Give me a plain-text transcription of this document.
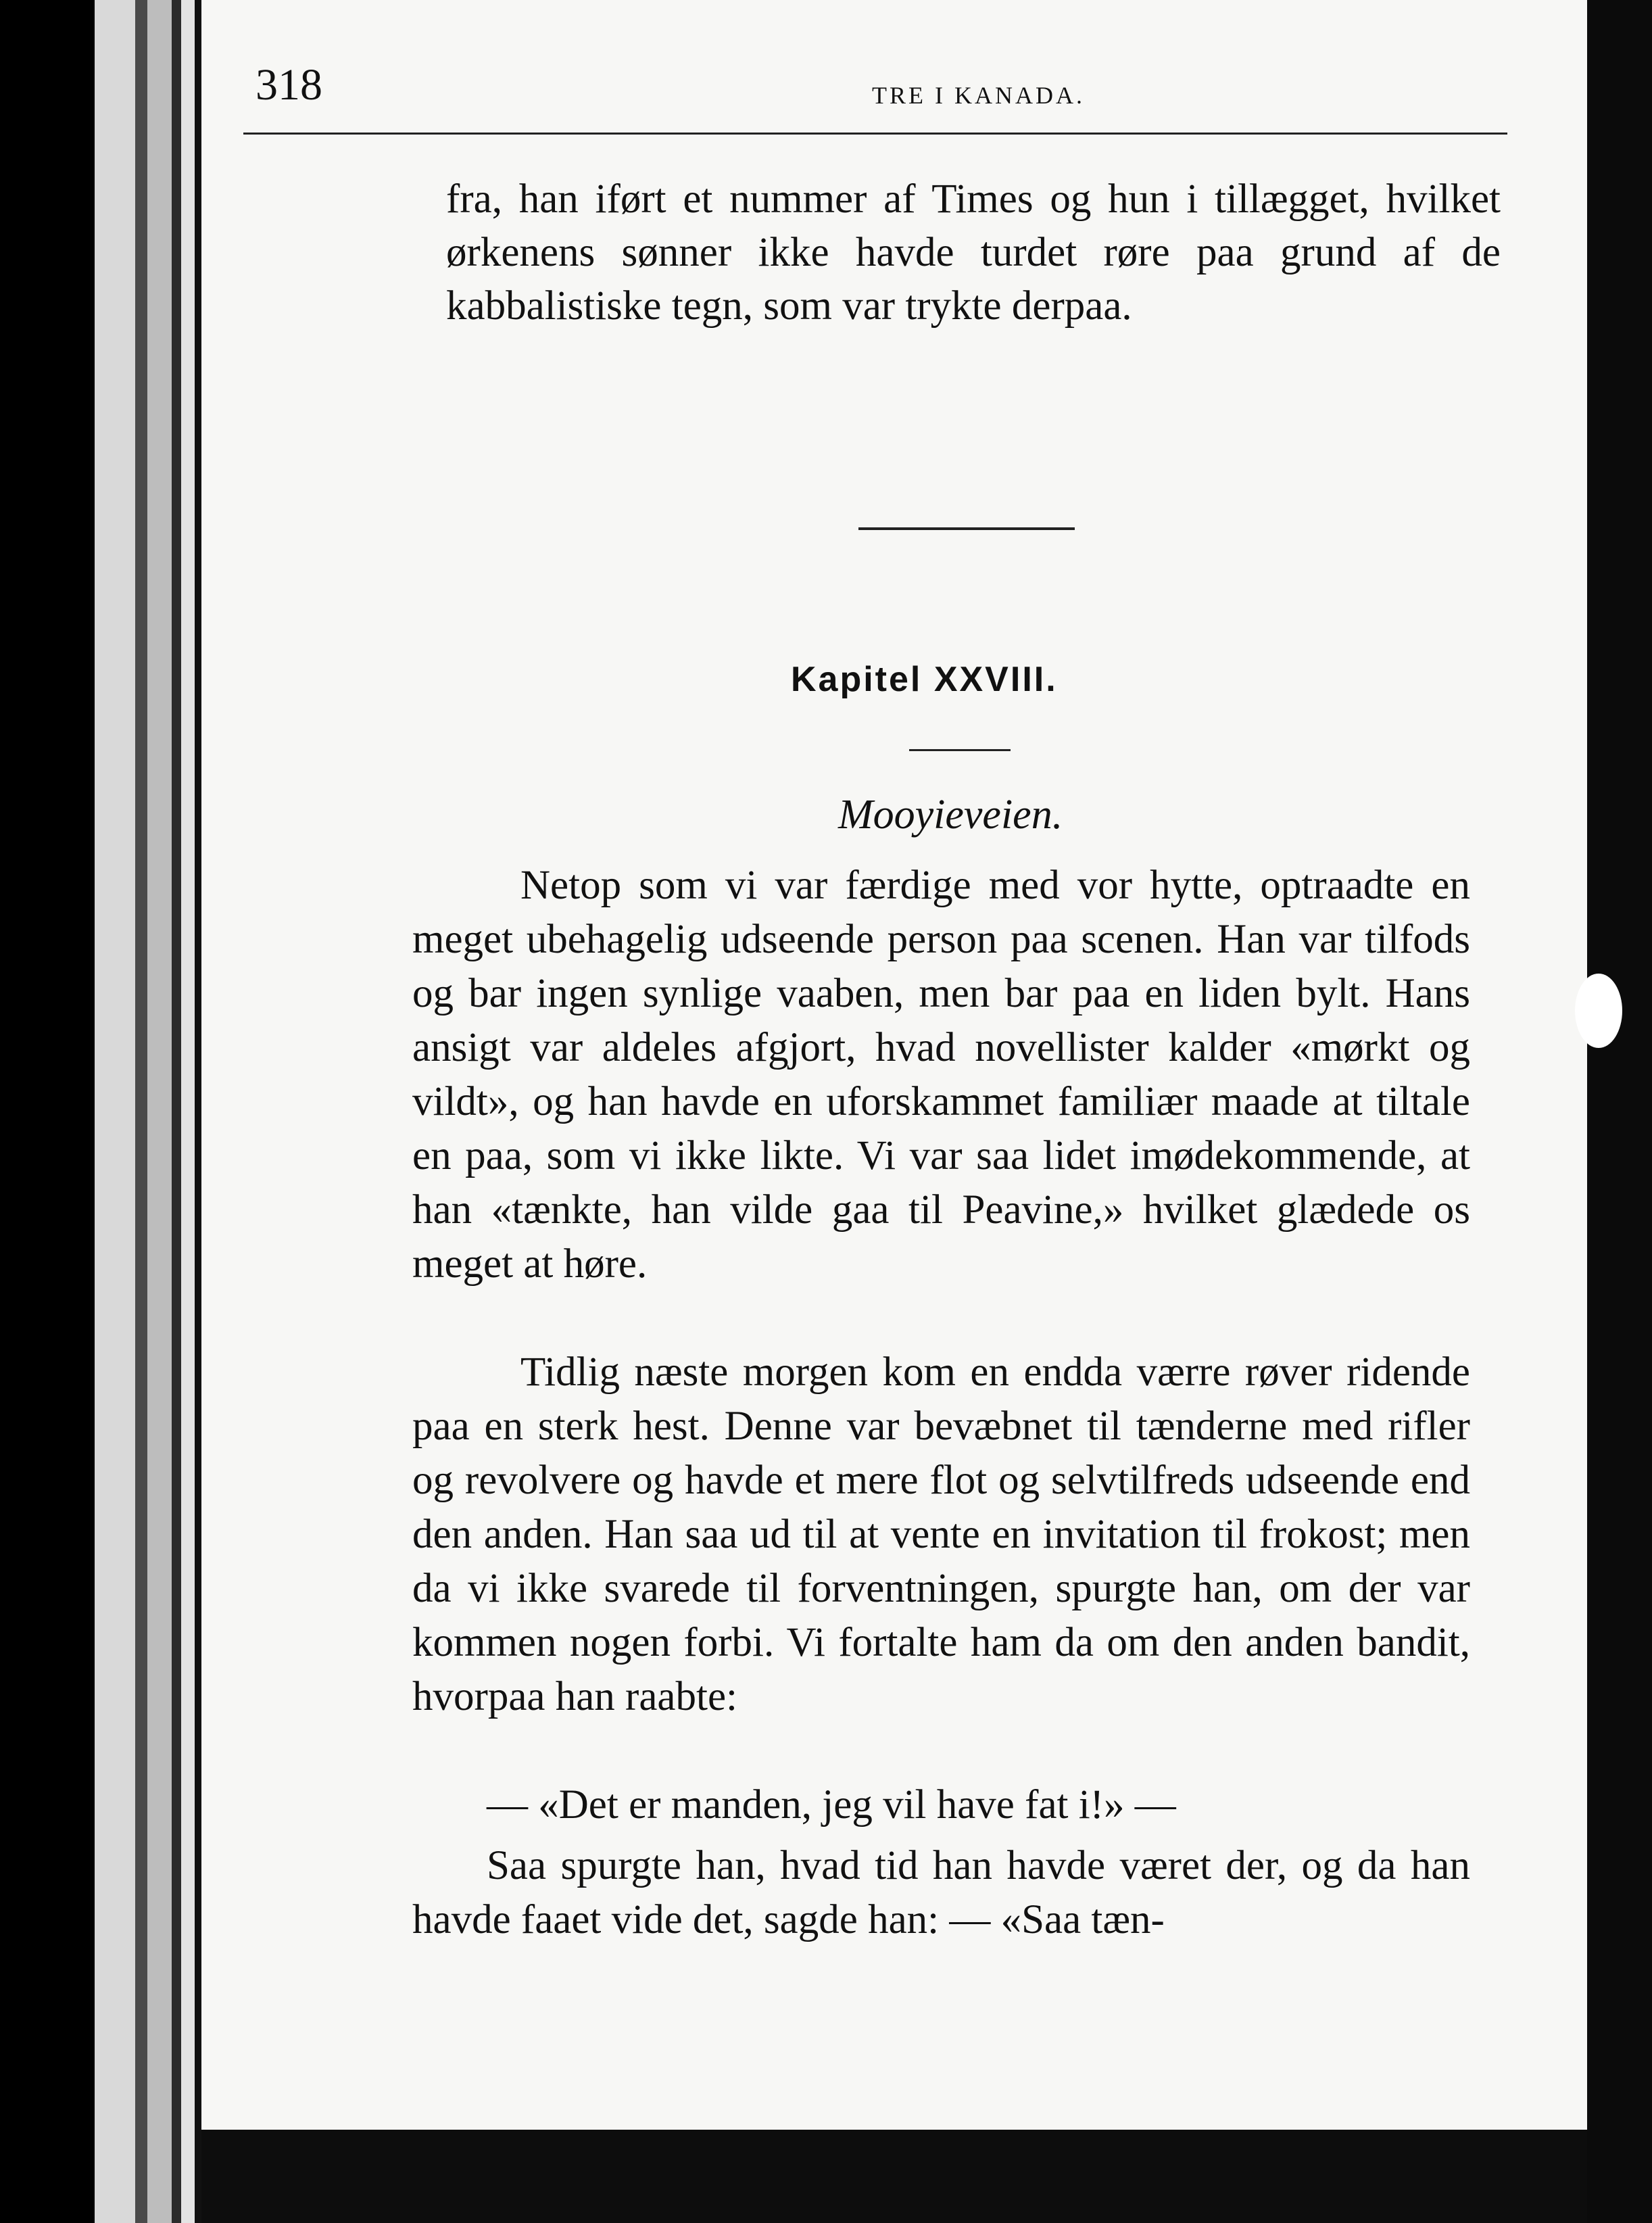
318	TRE I KANADA.
fra, han iført et nummer af Times og hun i tillægget, hvilket ørkenens sønner ikke havde turdet røre paa grund af de kabbalistiske tegn, som var trykte derpaa.
Kapitel XXVIII.
Mooyieveien.
Netop som vi var færdige med vor hytte, optraadte en meget ubehagelig udseende person paa scenen. Han var tilfods og bar ingen synlige vaaben, men bar paa en liden bylt. Hans ansigt var aldeles afgjort, hvad novellister kalder «mørkt og vildt», og han havde en uforskammet familiær maade at tiltale en paa, som vi ikke likte. Vi var saa lidet imødekommende, at han «tænkte, han vilde gaa til Peavine,» hvilket glædede os meget at høre.
Tidlig næste morgen kom en endda værre røver ridende paa en sterk hest. Denne var bevæbnet til tænderne med rifler og revolvere og havde et mere flot og selvtilfreds udseende end den anden. Han saa ud til at vente en invitation til frokost; men da vi ikke svarede til forventningen, spurgte han, om der var kommen nogen forbi. Vi fortalte ham da om den anden bandit, hvorpaa han raabte:
— «Det er manden, jeg vil have fat i!» —
Saa spurgte han, hvad tid han havde været der, og da han havde faaet vide det, sagde han: — «Saa tæn-
